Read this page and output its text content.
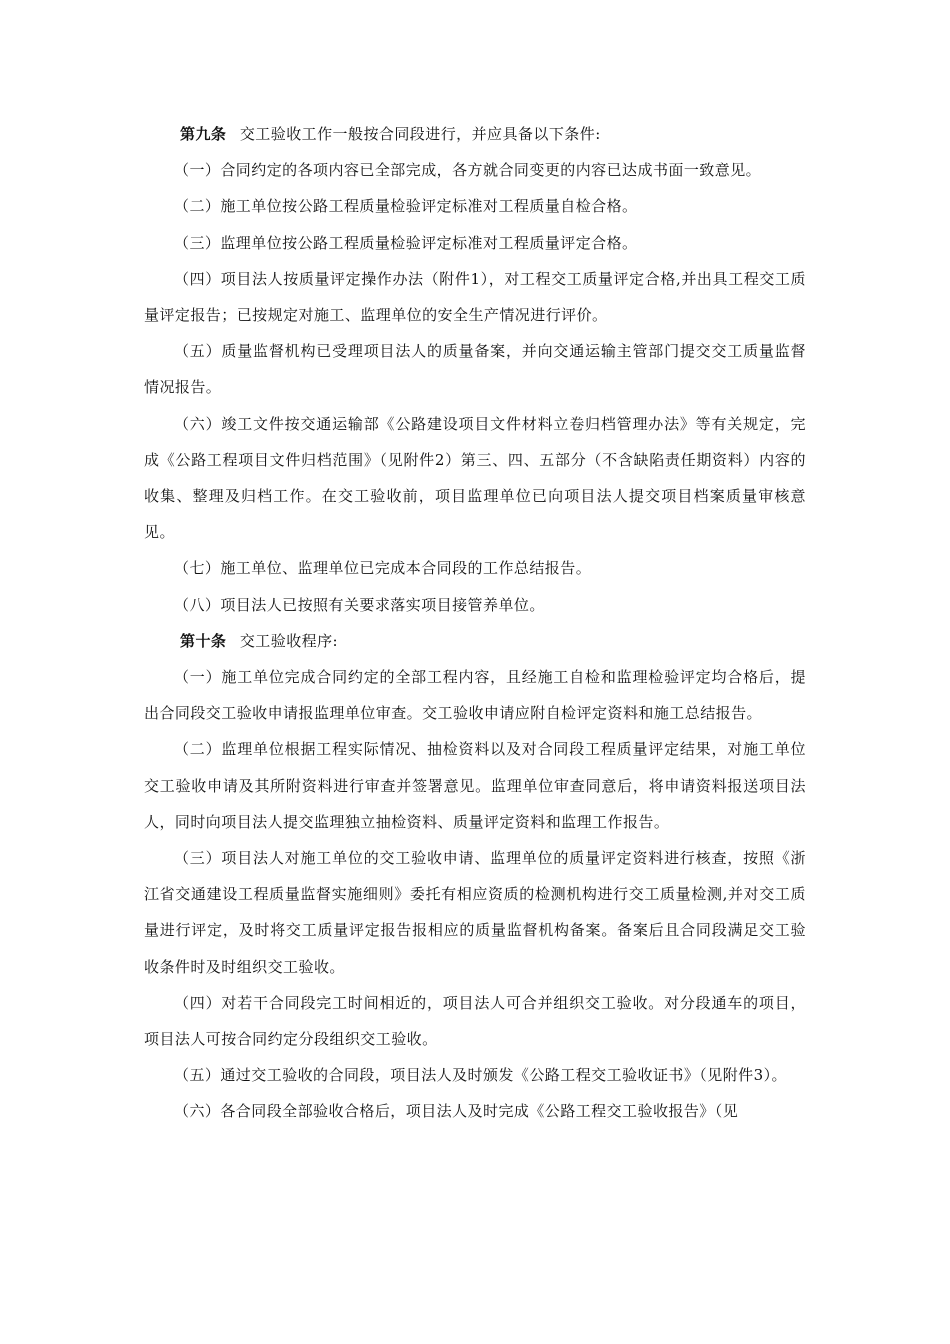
第九条 交工验收工作一般按合同段进行，并应具备以下条件:

（一）合同约定的各项内容已全部完成，各方就合同变更的内容已达成书面一致意见。

（二）施工单位按公路工程质量检验评定标准对工程质量自检合格。

（三）监理单位按公路工程质量检验评定标准对工程质量评定合格。

（四）项目法人按质量评定操作办法（附件1），对工程交工质量评定合格,并出具工程交工质量评定报告；已按规定对施工、监理单位的安全生产情况进行评价。

（五）质量监督机构已受理项目法人的质量备案，并向交通运输主管部门提交交工质量监督情况报告。

（六）竣工文件按交通运输部《公路建设项目文件材料立卷归档管理办法》等有关规定，完成《公路工程项目文件归档范围》（见附件2）第三、四、五部分（不含缺陷责任期资料）内容的收集、整理及归档工作。在交工验收前，项目监理单位已向项目法人提交项目档案质量审核意见。

（七）施工单位、监理单位已完成本合同段的工作总结报告。

（八）项目法人已按照有关要求落实项目接管养单位。

第十条 交工验收程序:

（一）施工单位完成合同约定的全部工程内容，且经施工自检和监理检验评定均合格后，提出合同段交工验收申请报监理单位审查。交工验收申请应附自检评定资料和施工总结报告。

（二）监理单位根据工程实际情况、抽检资料以及对合同段工程质量评定结果，对施工单位交工验收申请及其所附资料进行审查并签署意见。监理单位审查同意后，将申请资料报送项目法人，同时向项目法人提交监理独立抽检资料、质量评定资料和监理工作报告。

（三）项目法人对施工单位的交工验收申请、监理单位的质量评定资料进行核查，按照《浙江省交通建设工程质量监督实施细则》委托有相应资质的检测机构进行交工质量检测,并对交工质量进行评定，及时将交工质量评定报告报相应的质量监督机构备案。备案后且合同段满足交工验收条件时及时组织交工验收。

（四）对若干合同段完工时间相近的，项目法人可合并组织交工验收。对分段通车的项目，项目法人可按合同约定分段组织交工验收。

（五）通过交工验收的合同段，项目法人及时颁发《公路工程交工验收证书》（见附件3）。

（六）各合同段全部验收合格后，项目法人及时完成《公路工程交工验收报告》（见
